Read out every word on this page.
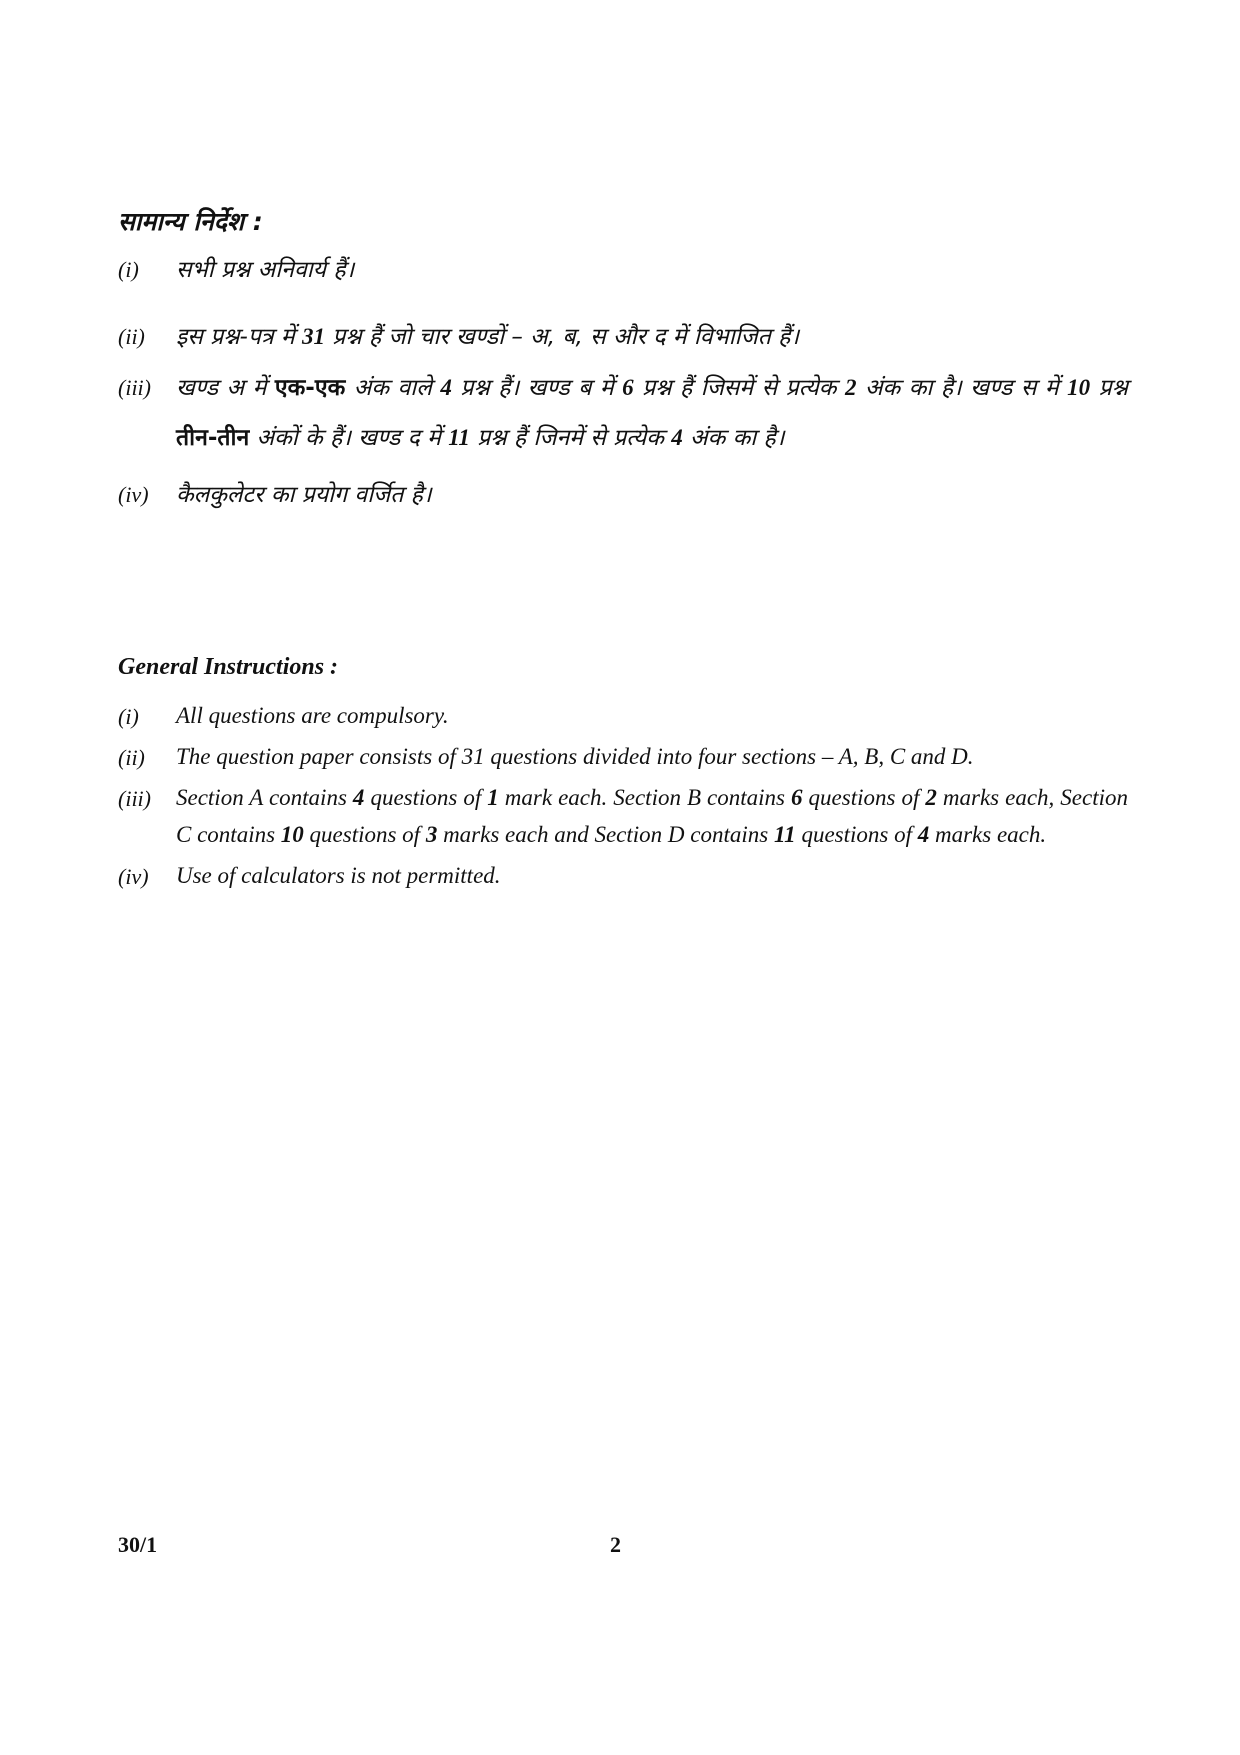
सामान्य निर्देश :
(i)	सभी प्रश्न अनिवार्य हैं।
(ii)	इस प्रश्न-पत्र में 31 प्रश्न हैं जो चार खण्डों – अ, ब, स और द में विभाजित हैं।
(iii)	खण्ड अ में एक-एक अंक वाले 4 प्रश्न हैं। खण्ड ब में 6 प्रश्न हैं जिसमें से प्रत्येक 2 अंक का है। खण्ड स में 10 प्रश्न तीन-तीन अंकों के हैं। खण्ड द में 11 प्रश्न हैं जिनमें से प्रत्येक 4 अंक का है।
(iv)	कैलकुलेटर का प्रयोग वर्जित है।
General Instructions :
(i)	All questions are compulsory.
(ii)	The question paper consists of 31 questions divided into four sections – A, B, C and D.
(iii)	Section A contains 4 questions of 1 mark each. Section B contains 6 questions of 2 marks each, Section C contains 10 questions of 3 marks each and Section D contains 11 questions of 4 marks each.
(iv)	Use of calculators is not permitted.
30/1	2
